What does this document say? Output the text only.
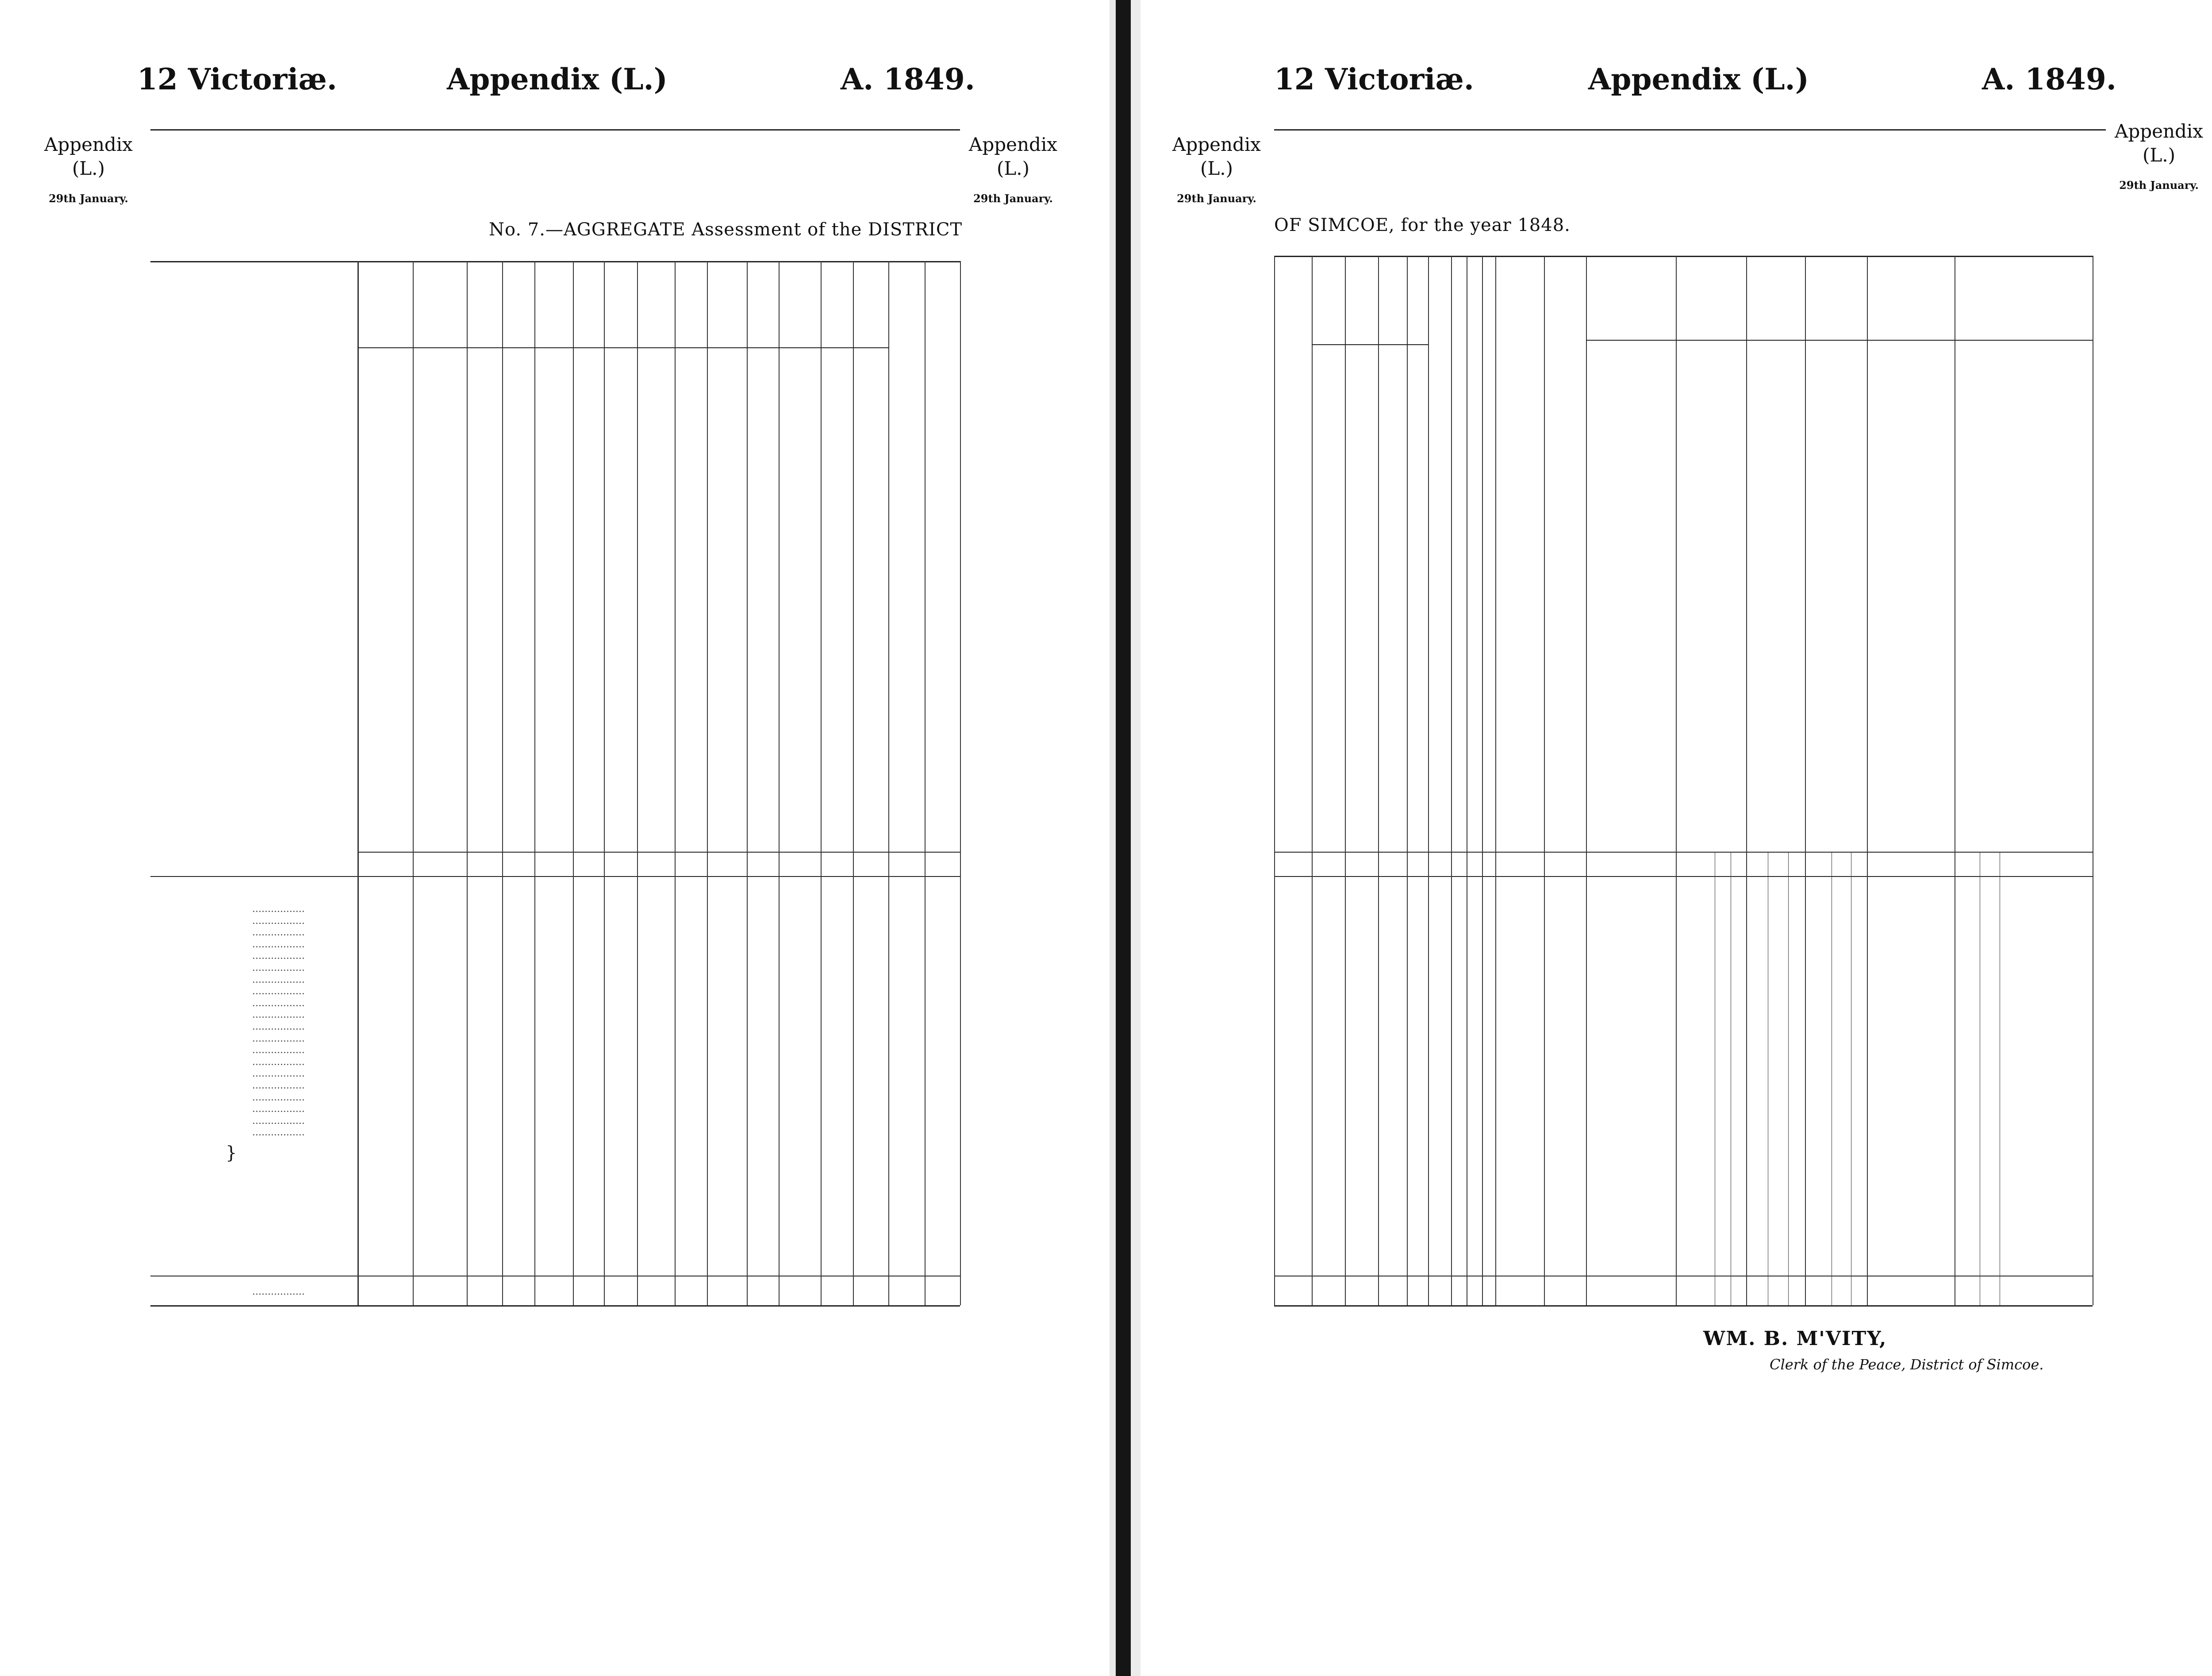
12 Victoriæ.	Appendix (L.)	A. 1849.
Appendix
(L.)
29th January.
Appendix
(L.)
29th January.
No. 7.—AGGREGATE Assessment of the DISTRICT
.................
.................
.................
.................
.................
.................
.................
.................
.................
.................
.................
.................
.................
.................
.................
.................
.................
.................
.................
.................
}
.................
12 Victoriæ.	Appendix (L.)	A. 1849.
Appendix
(L.)
29th January.
Appendix
(L.)
29th January.
OF SIMCOE, for the year 1848.
WM. B. M'VITY,
Clerk of the Peace, District of Simcoe.
